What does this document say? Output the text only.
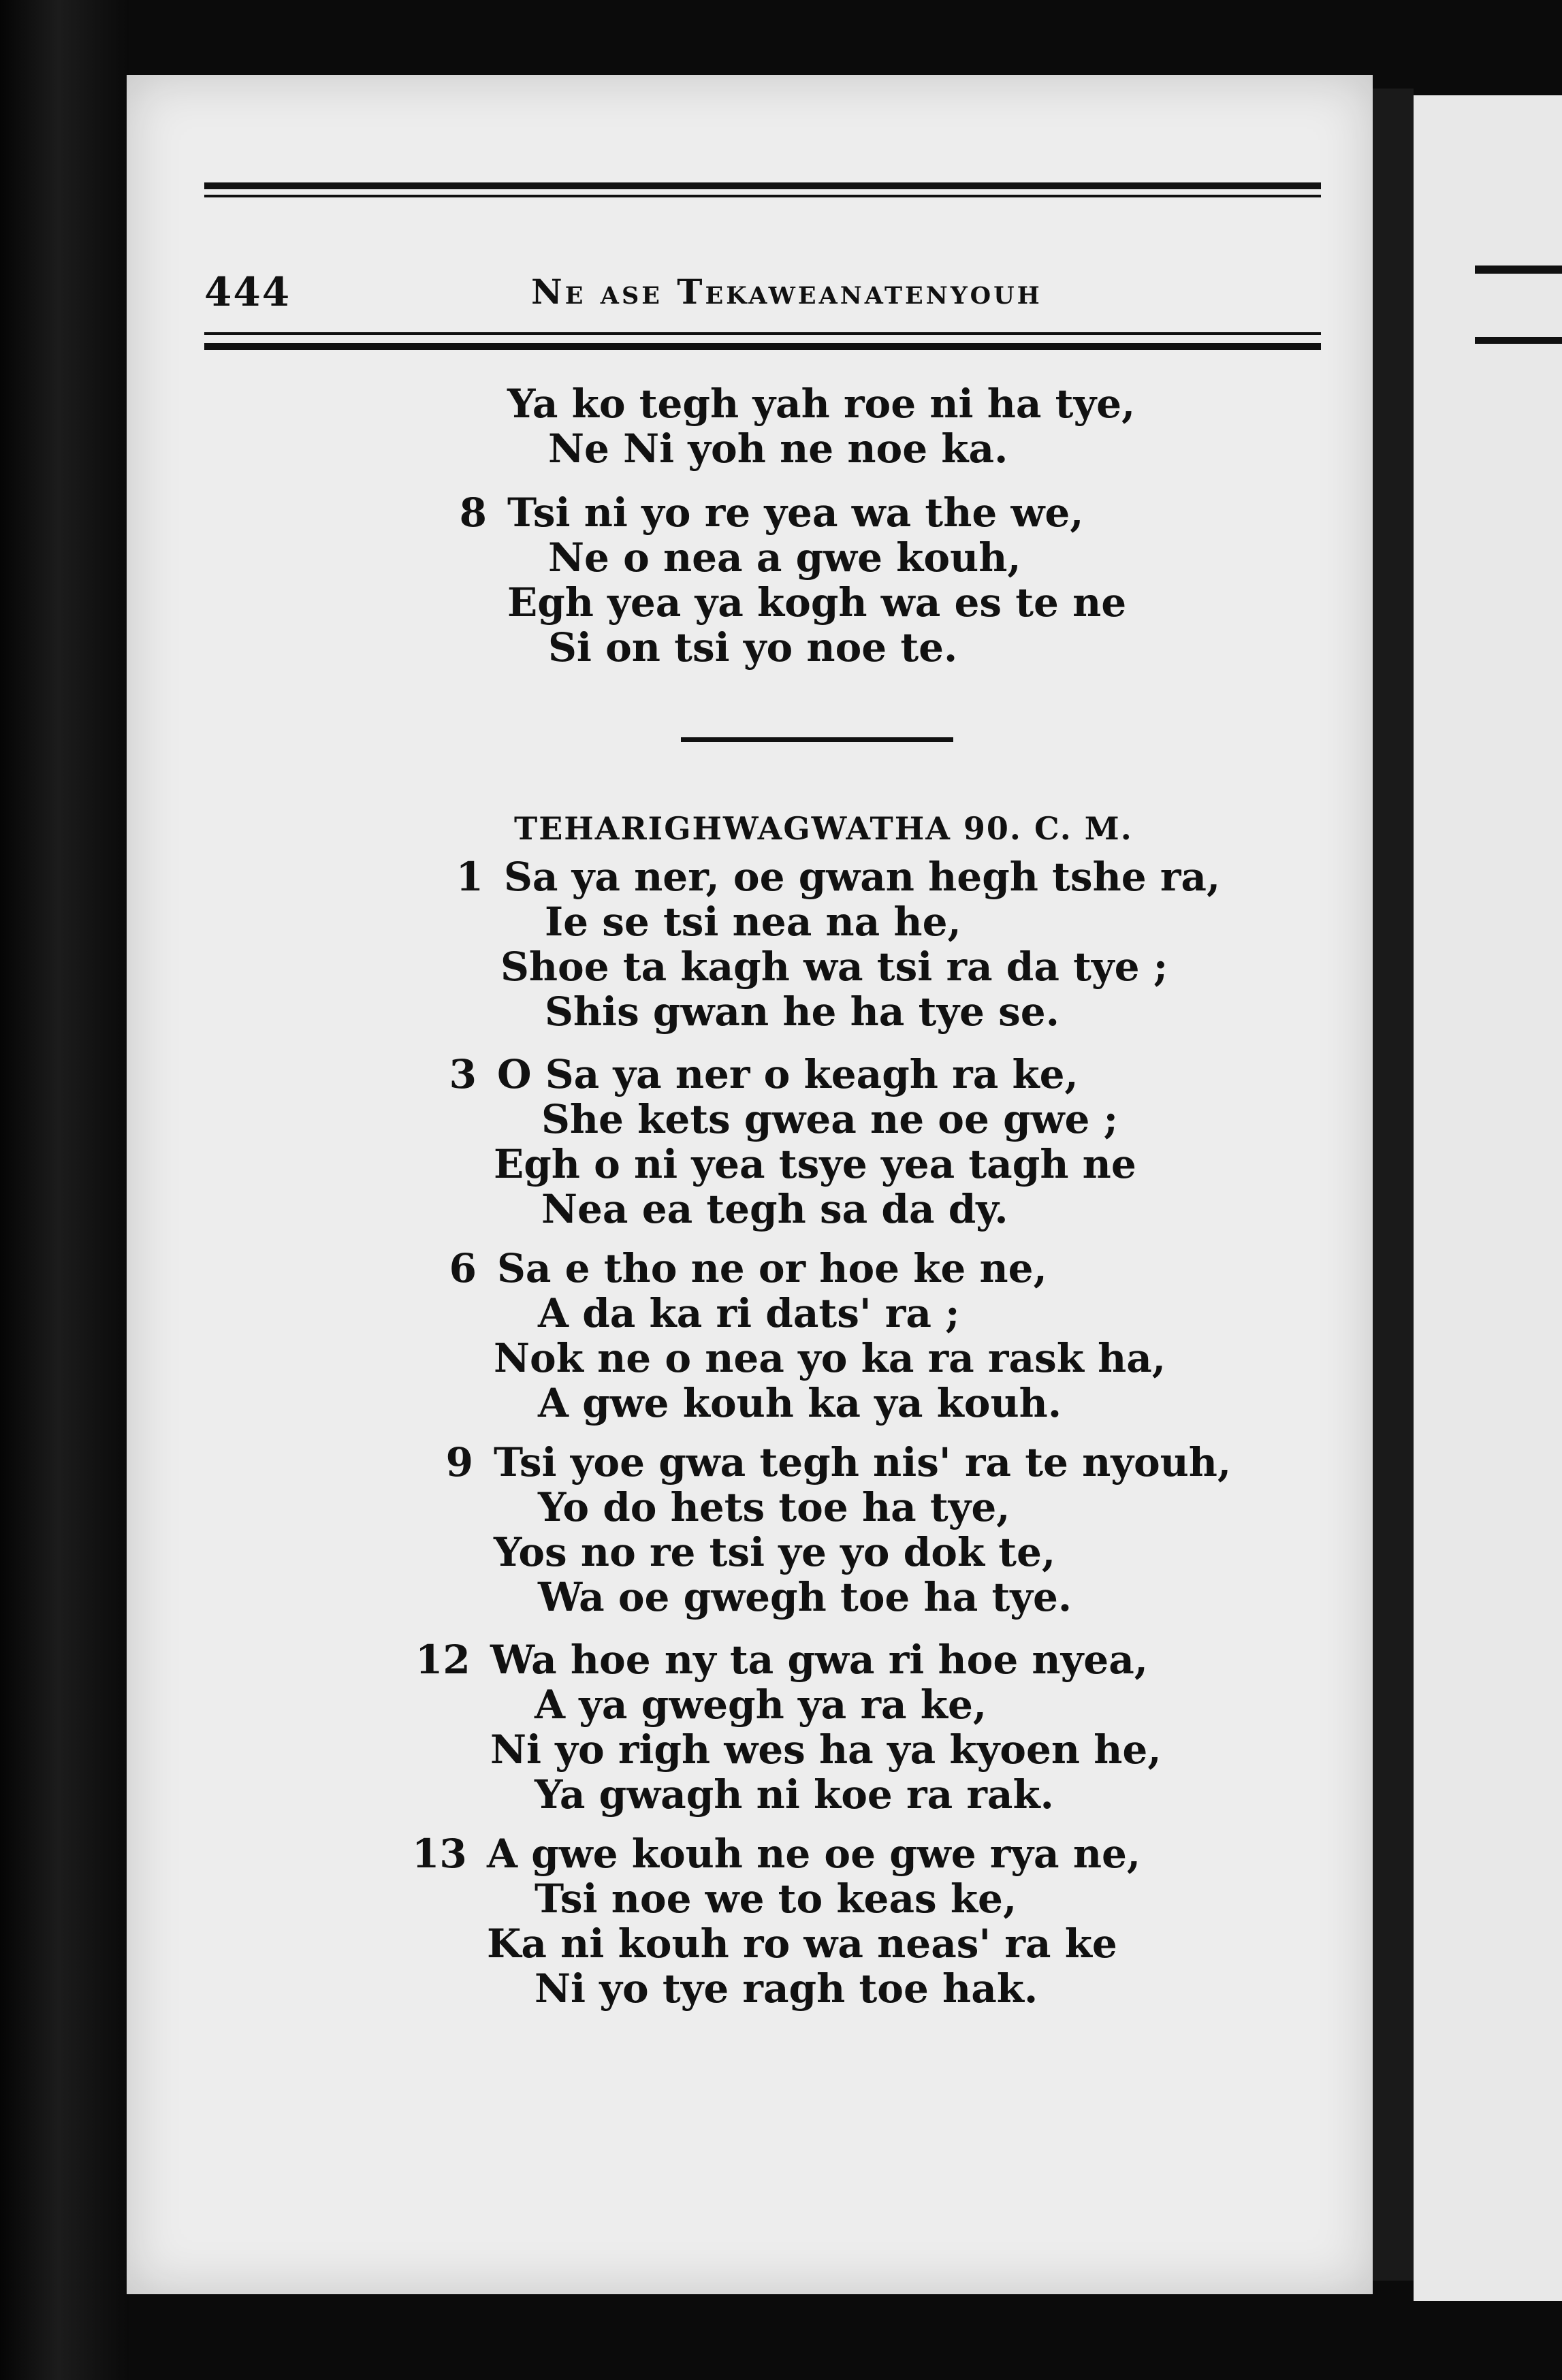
444	Ne ase Tekaweanatenyouh
Ya ko tegh yah roe ni ha tye,
Ne Ni yoh ne noe ka.
8 Tsi ni yo re yea wa the we,
Ne o nea a gwe kouh,
Egh yea ya kogh wa es te ne
Si on tsi yo noe te.
TEHARIGHWAGWATHA 90. C. M.
1 Sa ya ner, oe gwan hegh tshe ra,
Ie se tsi nea na he,
Shoe ta kagh wa tsi ra da tye ;
Shis gwan he ha tye se.
3 O Sa ya ner o keagh ra ke,
She kets gwea ne oe gwe ;
Egh o ni yea tsye yea tagh ne
Nea ea tegh sa da dy.
6 Sa e tho ne or hoe ke ne,
A da ka ri dats' ra ;
Nok ne o nea yo ka ra rask ha,
A gwe kouh ka ya kouh.
9 Tsi yoe gwa tegh nis' ra te nyouh,
Yo do hets toe ha tye,
Yos no re tsi ye yo dok te,
Wa oe gwegh toe ha tye.
12 Wa hoe ny ta gwa ri hoe nyea,
A ya gwegh ya ra ke,
Ni yo righ wes ha ya kyoen he,
Ya gwagh ni koe ra rak.
13 A gwe kouh ne oe gwe rya ne,
Tsi noe we to keas ke,
Ka ni kouh ro wa neas' ra ke
Ni yo tye ragh toe hak.
